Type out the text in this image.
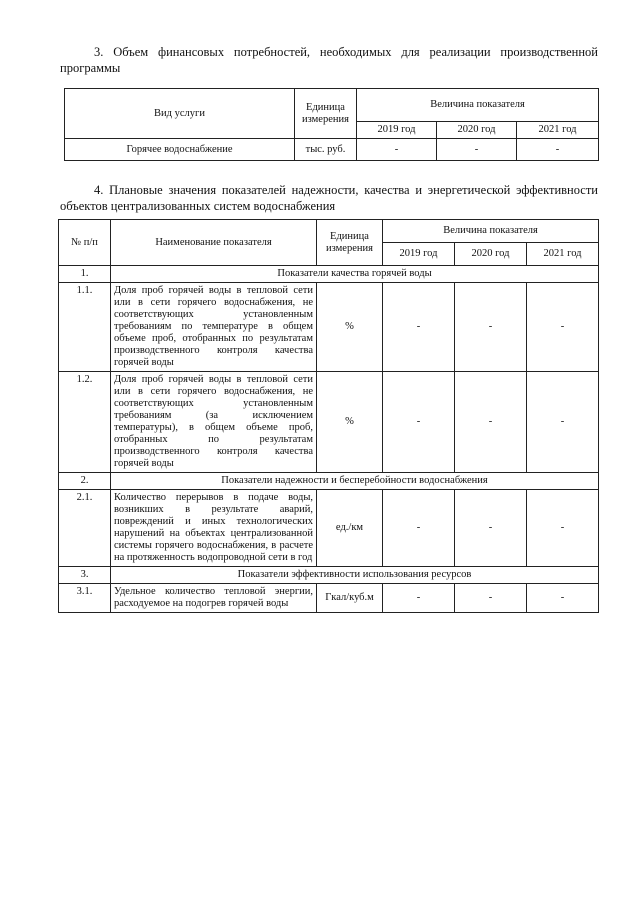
3. Объем финансовых потребностей, необходимых для реализации производственной программы
Вид услуги	Единица измерения	Величина показателя		
		2019 год	2020 год	2021 год
Горячее водоснабжение	тыс. руб.	-	-	-
4. Плановые значения показателей надежности, качества и энергетической эффективности объектов централизованных систем водоснабжения
№ п/п	Наименование показателя	Единица измерения	Величина показателя		
			2019 год	2020 год	2021 год
1.	Показатели качества горячей воды				
1.1.	Доля проб горячей воды в тепловой сети или в сети горячего водоснабжения, не соответствующих установленным требованиям по температуре в общем объеме проб, отобранных по результатам производственного контроля качества горячей воды	%	-	-	-
1.2.	Доля проб горячей воды в тепловой сети или в сети горячего водоснабжения, не соответствующих установленным требованиям (за исключением температуры), в общем объеме проб, отобранных по результатам производственного контроля качества горячей воды	%	-	-	-
2.	Показатели надежности и бесперебойности водоснабжения				
2.1.	Количество перерывов в подаче воды, возникших в результате аварий, повреждений и иных технологических нарушений на объектах централизованной системы горячего водоснабжения, в расчете на протяженность водопроводной сети в год	ед./км	-	-	-
3.	Показатели эффективности использования ресурсов				
3.1.	Удельное количество тепловой энергии, расходуемое на подогрев горячей воды	Гкал/куб.м	-	-	-
